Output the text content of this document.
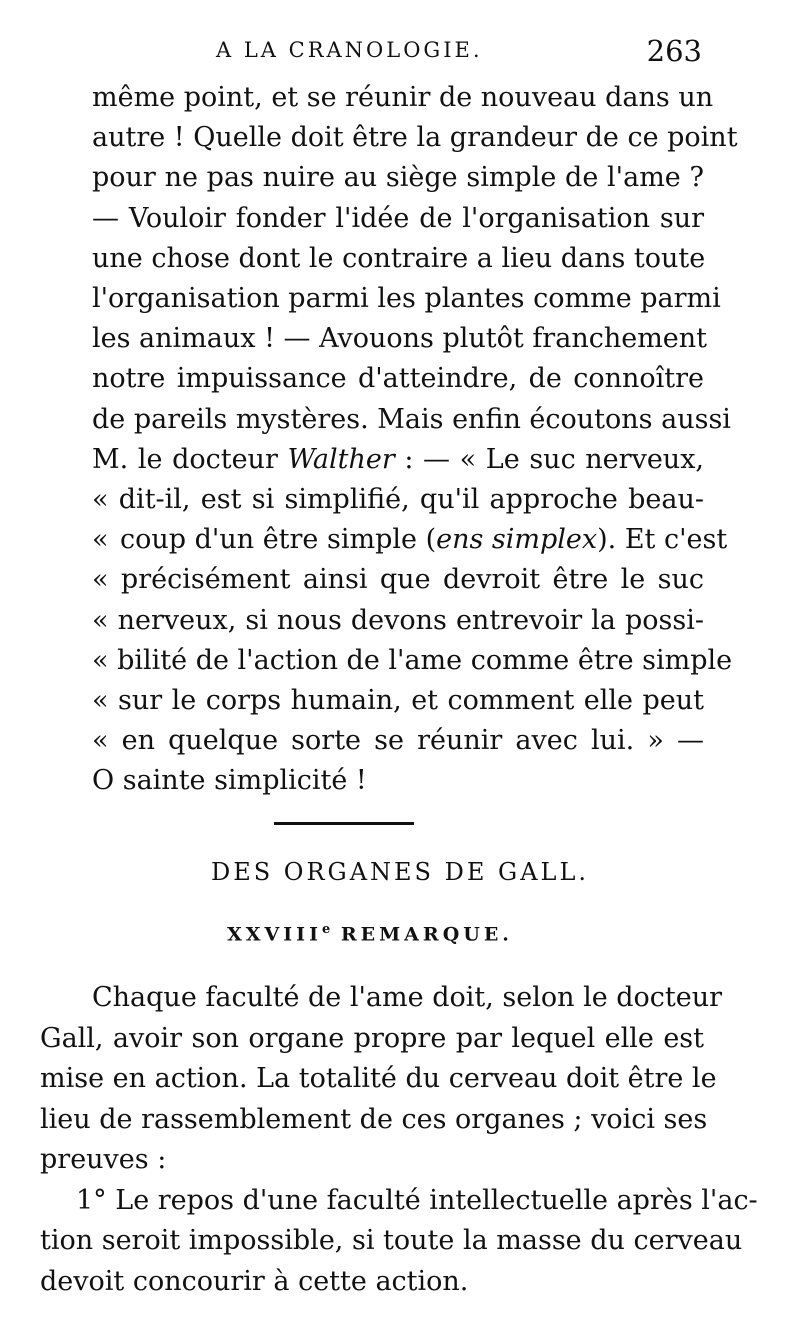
A LA CRANOLOGIE.	263
même point, et se réunir de nouveau dans un
autre ! Quelle doit être la grandeur de ce point
pour ne pas nuire au siège simple de l'ame ?
— Vouloir fonder l'idée de l'organisation sur
une chose dont le contraire a lieu dans toute
l'organisation parmi les plantes comme parmi
les animaux ! — Avouons plutôt franchement
notre impuissance d'atteindre, de connoître
de pareils mystères. Mais enfin écoutons aussi
M. le docteur Walther : — « Le suc nerveux,
« dit-il, est si simplifié, qu'il approche beau-
« coup d'un être simple (ens simplex). Et c'est
« précisément ainsi que devroit être le suc
« nerveux, si nous devons entrevoir la possi-
« bilité de l'action de l'ame comme être simple
« sur le corps humain, et comment elle peut
« en quelque sorte se réunir avec lui. » —
O sainte simplicité !
DES ORGANES DE GALL.
XXVIIIe REMARQUE.
Chaque faculté de l'ame doit, selon le docteur
Gall, avoir son organe propre par lequel elle est
mise en action. La totalité du cerveau doit être le
lieu de rassemblement de ces organes ; voici ses
preuves :
1° Le repos d'une faculté intellectuelle après l'ac-
tion seroit impossible, si toute la masse du cerveau
devoit concourir à cette action.
